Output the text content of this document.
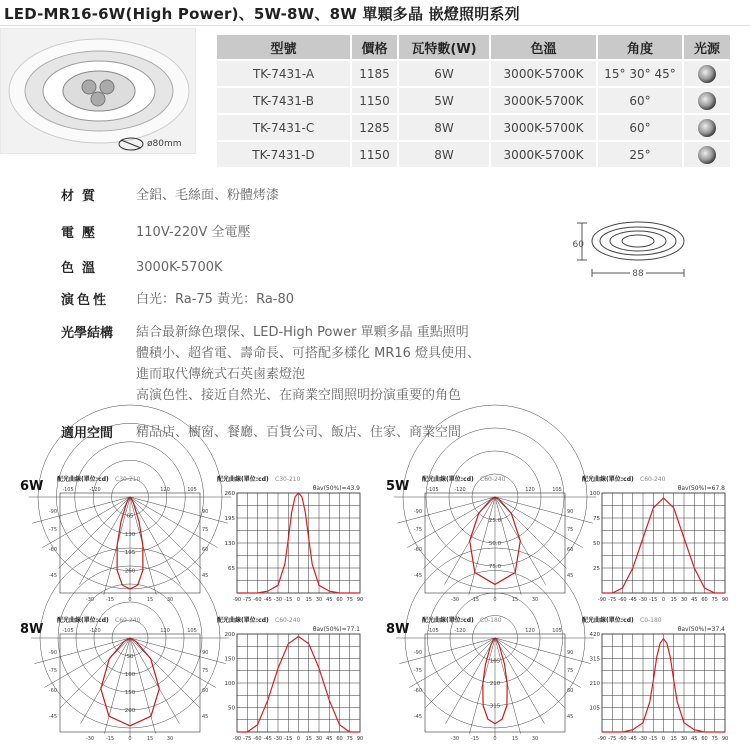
LED-MR16-6W(High Power)、5W-8W、8W 單顆多晶 嵌燈照明系列
ø80mm
型號	價格	瓦特數(W)	色溫	角度	光源
TK-7431-A	1185	6W	3000K-5700K	15° 30° 45°	
TK-7431-B	1150	5W	3000K-5700K	60°	
TK-7431-C	1285	8W	3000K-5700K	60°	
TK-7431-D	1150	8W	3000K-5700K	25°	
材質	全鋁、毛絲面、粉體烤漆
電壓	110V-220V 全電壓
色溫	3000K-5700K
演色性	白光：Ra-75 黃光：Ra-80
光學結構	結合最新綠色環保、LED-High Power 單顆多晶 重點照明
體積小、超省電、壽命長、可搭配多樣化 MR16 燈具使用、
進而取代傳統式石英鹵素燈泡
高演色性、接近自然光、在商業空間照明扮演重要的角色
適用空間	精品店、櫥窗、餐廳、百貨公司、飯店、住家、商業空間
60
88
6W	5W
8W	8W
配光曲線(單位:cd) C30-210
65
130
195
260
-105	-120	120	105
-90
-75
-60
-45
90
75
60
45
-30 -15	0	15	30
配光曲線(單位:cd) C30-210
θav(50%)=43.9
65
130
195
260
-90 -75 -60 -45 -30 -15 0 15 30 45 60 75 90
配光曲線(單位:cd) C60-240
25.0
50.0
75.0
-105	-120	120	105
-90
-75
-60
-45
90
75
60
45
-30 -15	0	15	30
配光曲線(單位:cd) C60-240
θav(50%)=67.8
25
50
75
100
-90 -75 -60 -45 -30 -15 0 15 30 45 60 75 90
配光曲線(單位:cd) C60-240
50
100
150
200
-105	-120	120	105
-90
-75
-60
-45
90
75
60
45
-30 -15	0	15	30
配光曲線(單位:cd) C60-240
θav(50%)=77.1
50
100
150
200
-90 -75 -60 -45 -30 -15 0 15 30 45 60 75 90
配光曲線(單位:cd) C0-180
105
210
315
-105	-120	120	105
-90
-75
-60
-45
90
75
60
45
-30 -15	0	15	30
配光曲線(單位:cd) C0-180
θav(50%)=37.4
105
210
315
420
-90 -75 -60 -45 -30 -15 0 15 30 45 60 75 90
